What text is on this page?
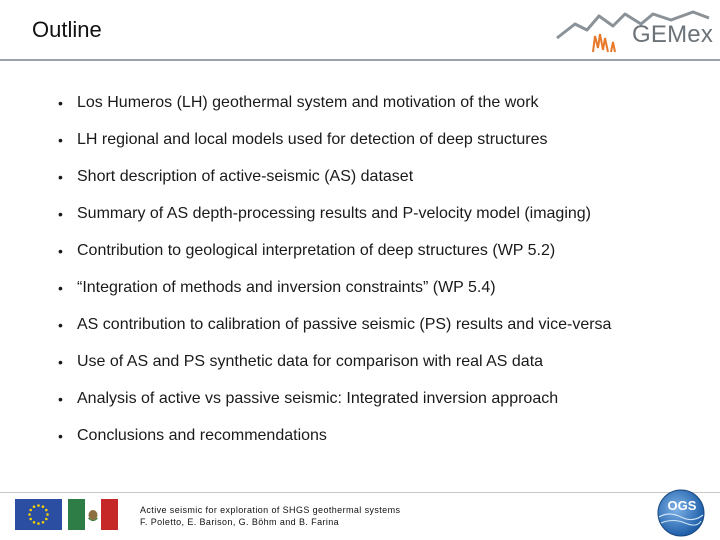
Outline	GEMex
• Los Humeros (LH) geothermal system and motivation of the work
• LH regional and local models used for detection of deep structures
• Short description of active-seismic (AS) dataset
• Summary of AS depth-processing results and P-velocity model (imaging)
• Contribution to geological interpretation of deep structures (WP 5.2)
• “Integration of methods and inversion constraints” (WP 5.4)
• AS contribution to calibration of passive seismic (PS) results and vice-versa
• Use of AS and PS synthetic data for comparison with real AS data
• Analysis of active vs passive seismic: Integrated inversion approach
• Conclusions and recommendations
Active seismic for exploration of SHGS geothermal systems
F. Poletto, E. Barison, G. Böhm and B. Farina
OGS
